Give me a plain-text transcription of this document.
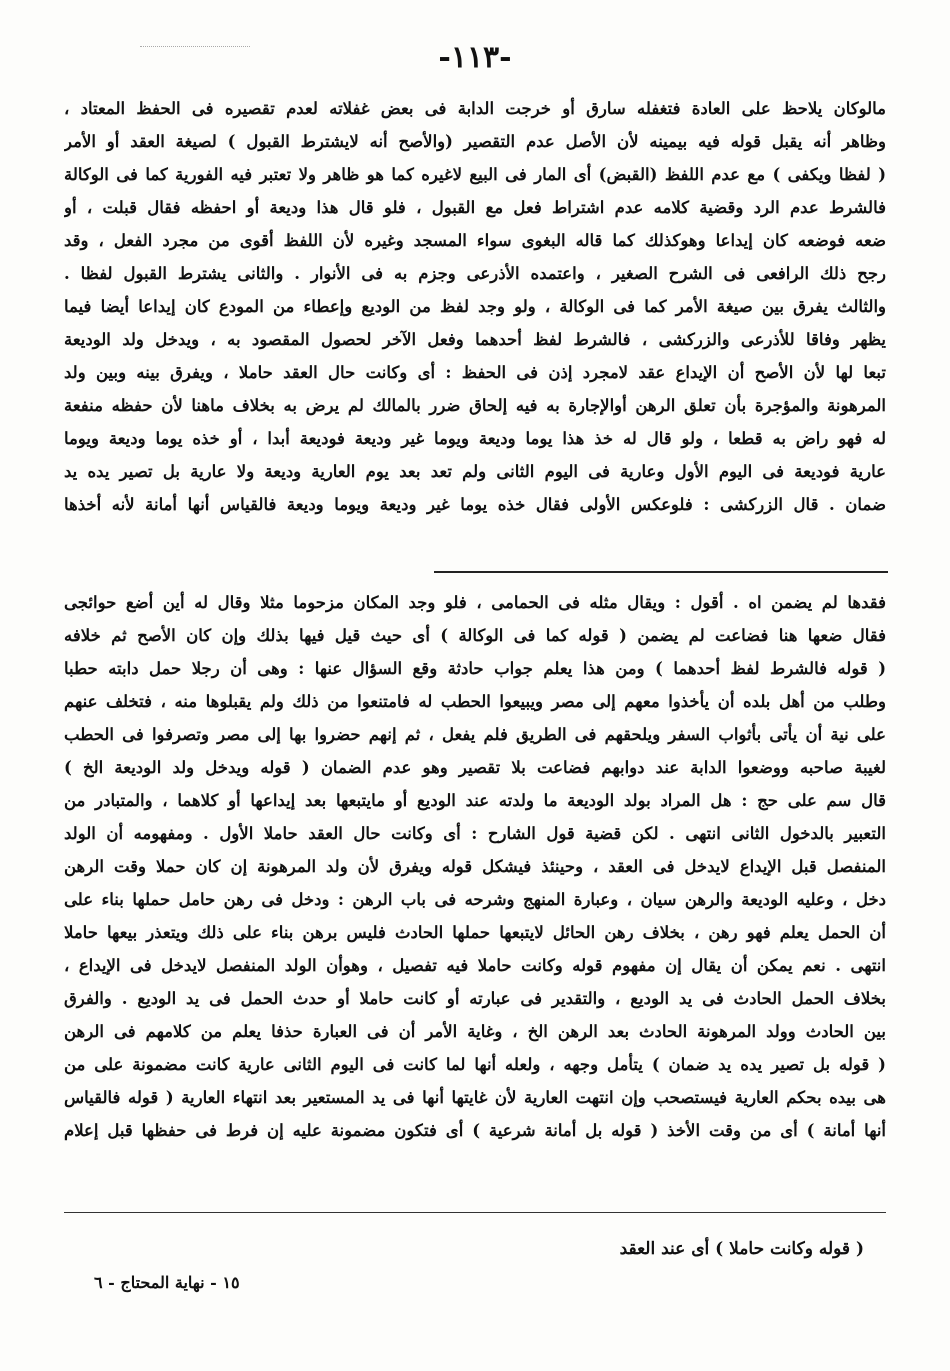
-١١٣-
مالوكان يلاحظ على العادة فتغفله سارق أو خرجت الدابة فى بعض غفلاته لعدم تقصيره فى الحفظ المعتاد ،
وظاهر أنه يقبل قوله فيه بيمينه لأن الأصل عدم التقصير (والأصح أنه لايشترط القبول ) لصيغة العقد أو الأمر
( لفظا ويكفى ) مع عدم اللفظ (القبض) أى المار فى البيع لاغيره كما هو ظاهر ولا تعتبر فيه الفورية كما فى الوكالة
فالشرط عدم الرد وقضية كلامه عدم اشتراط فعل مع القبول ، فلو قال هذا وديعة أو احفظه فقال قبلت ، أو
ضعه فوضعه كان إيداعا وهوكذلك كما قاله البغوى سواء المسجد وغيره لأن اللفظ أقوى من مجرد الفعل ، وقد
رجح ذلك الرافعى فى الشرح الصغير ، واعتمده الأذرعى وجزم به فى الأنوار . والثانى يشترط القبول لفظا .
والثالث يفرق بين صيغة الأمر كما فى الوكالة ، ولو وجد لفظ من الوديع وإعطاء من المودع كان إيداعا أيضا فيما
يظهر وفاقا للأذرعى والزركشى ، فالشرط لفظ أحدهما وفعل الآخر لحصول المقصود به ، ويدخل ولد الوديعة
تبعا لها لأن الأصح أن الإيداع عقد لامجرد إذن فى الحفظ : أى وكانت حال العقد حاملا ، ويفرق بينه وبين ولد
المرهونة والمؤجرة بأن تعلق الرهن أوالإجارة به فيه إلحاق ضرر بالمالك لم يرض به بخلاف ماهنا لأن حفظه منفعة
له فهو راض به قطعا ، ولو قال له خذ هذا يوما وديعة ويوما غير وديعة فوديعة أبدا ، أو خذه يوما وديعة ويوما
عارية فوديعة فى اليوم الأول وعارية فى اليوم الثانى ولم تعد بعد يوم العارية وديعة ولا عارية بل تصير يده يد
ضمان . قال الزركشى : فلوعكس الأولى فقال خذه يوما غير وديعة ويوما وديعة فالقياس أنها أمانة لأنه أخذها
فقدها لم يضمن اه . أقول : ويقال مثله فى الحمامى ، فلو وجد المكان مزحوما مثلا وقال له أين أضع حوائجى
فقال ضعها هنا فضاعت لم يضمن ( قوله كما فى الوكالة ) أى حيث قيل فيها بذلك وإن كان الأصح ثم خلافه
( قوله فالشرط لفظ أحدهما ) ومن هذا يعلم جواب حادثة وقع السؤال عنها : وهى أن رجلا حمل دابته حطبا
وطلب من أهل بلده أن يأخذوا معهم إلى مصر ويبيعوا الحطب له فامتنعوا من ذلك ولم يقبلوها منه ، فتخلف عنهم
على نية أن يأتى بأثواب السفر ويلحقهم فى الطريق فلم يفعل ، ثم إنهم حضروا بها إلى مصر وتصرفوا فى الحطب
لغيبة صاحبه ووضعوا الدابة عند دوابهم فضاعت بلا تقصير وهو عدم الضمان ( قوله ويدخل ولد الوديعة الخ )
قال سم على حج : هل المراد بولد الوديعة ما ولدته عند الوديع أو مايتبعها بعد إيداعها أو كلاهما ، والمتبادر من
التعبير بالدخول الثانى انتهى . لكن قضية قول الشارح : أى وكانت حال العقد حاملا الأول . ومفهومه أن الولد
المنفصل قبل الإيداع لايدخل فى العقد ، وحينئذ فيشكل قوله ويفرق لأن ولد المرهونة إن كان حملا وقت الرهن
دخل ، وعليه الوديعة والرهن سيان ، وعبارة المنهج وشرحه فى باب الرهن : ودخل فى رهن حامل حملها بناء على
أن الحمل يعلم فهو رهن ، بخلاف رهن الحائل لايتبعها حملها الحادث فليس برهن بناء على ذلك ويتعذر بيعها حاملا
انتهى . نعم يمكن أن يقال إن مفهوم قوله وكانت حاملا فيه تفصيل ، وهوأن الولد المنفصل لايدخل فى الإيداع ،
بخلاف الحمل الحادث فى يد الوديع ، والتقدير فى عبارته أو كانت حاملا أو حدث الحمل فى يد الوديع . والفرق
بين الحادث وولد المرهونة الحادث بعد الرهن الخ ، وغاية الأمر أن فى العبارة حذفا يعلم من كلامهم فى الرهن
( قوله بل تصير يده يد ضمان ) يتأمل وجهه ، ولعله أنها لما كانت فى اليوم الثانى عارية كانت مضمونة على من
هى بيده بحكم العارية فيستصحب وإن انتهت العارية لأن غايتها أنها فى يد المستعير بعد انتهاء العارية ( قوله فالقياس
أنها أمانة ) أى من وقت الأخذ ( قوله بل أمانة شرعية ) أى فتكون مضمونة عليه إن فرط فى حفظها قبل إعلام
( قوله وكانت حاملا ) أى عند العقد
١٥ - نهاية المحتاج - ٦
